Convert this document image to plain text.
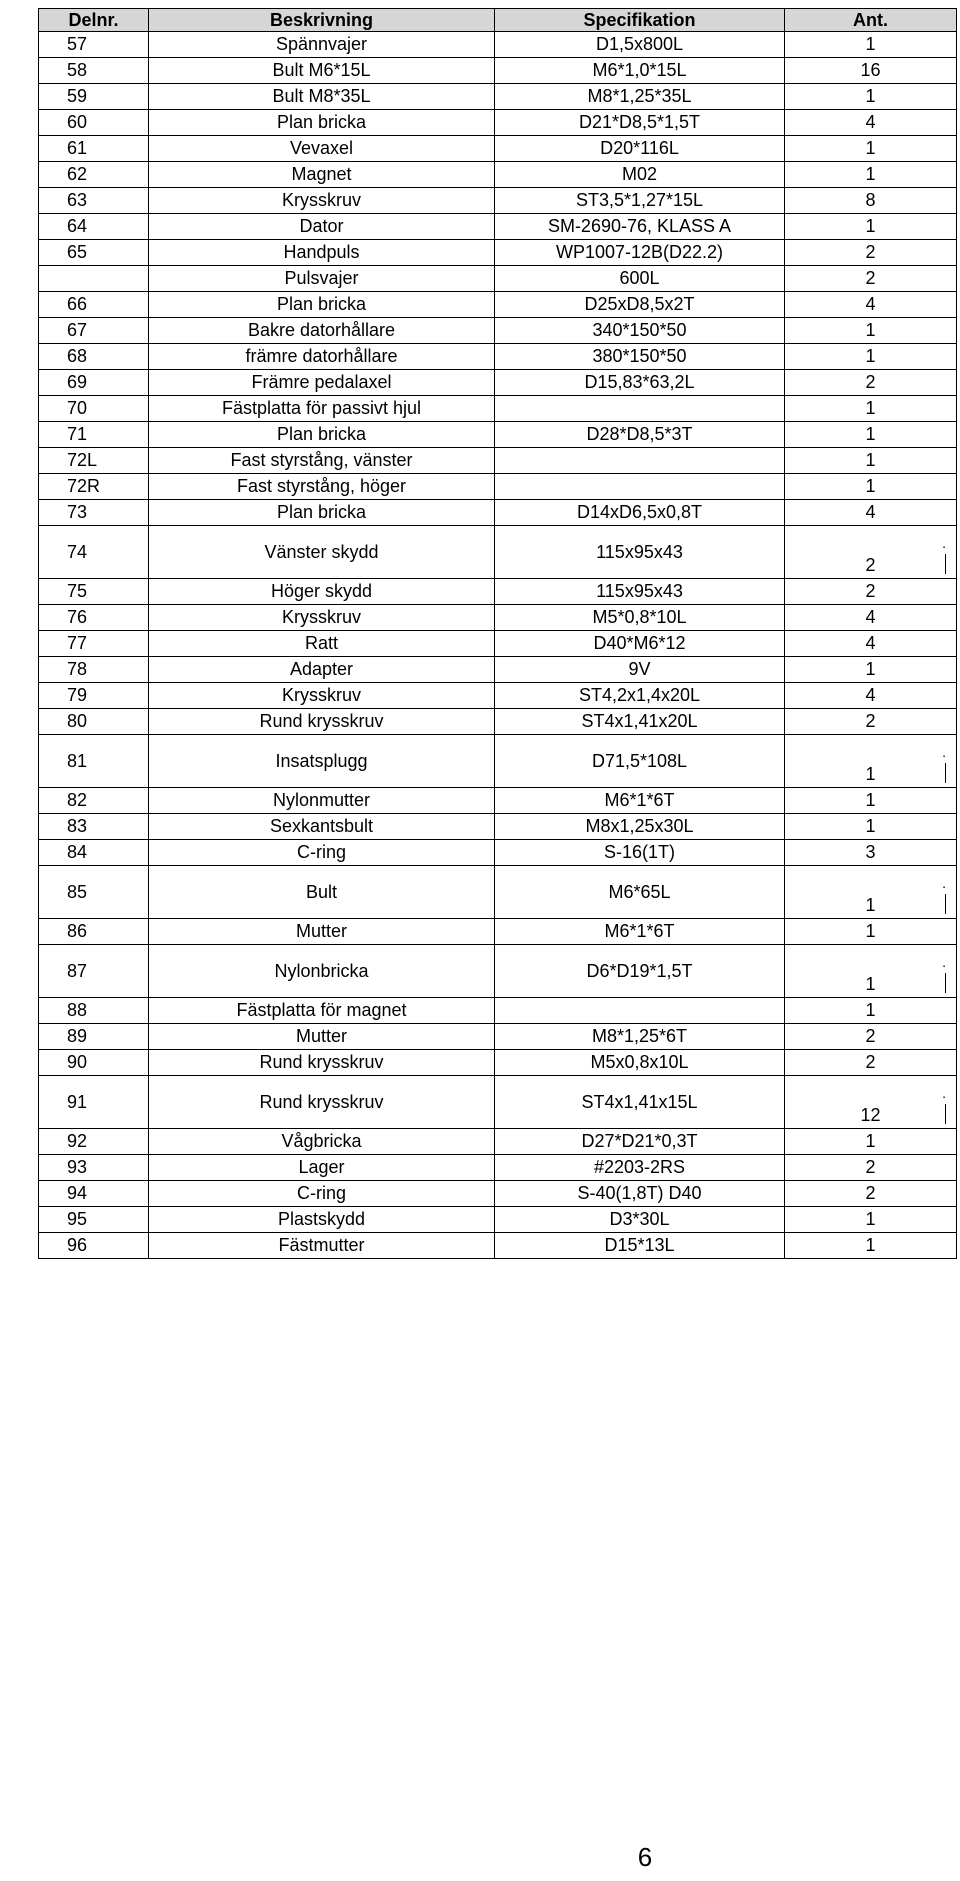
Delnr.	Beskrivning	Specifikation	Ant.
57	Spännvajer	D1,5x800L	1
58	Bult M6*15L	M6*1,0*15L	16
59	Bult M8*35L	M8*1,25*35L	1
60	Plan bricka	D21*D8,5*1,5T	4
61	Vevaxel	D20*116L	1
62	Magnet	M02	1
63	Krysskruv	ST3,5*1,27*15L	8
64	Dator	SM-2690-76, KLASS A	1
65	Handpuls	WP1007-12B(D22.2)	2
	Pulsvajer	600L	2
66	Plan bricka	D25xD8,5x2T	4
67	Bakre datorhållare	340*150*50	1
68	främre datorhållare	380*150*50	1
69	Främre pedalaxel	D15,83*63,2L	2
70	Fästplatta för passivt hjul		1
71	Plan bricka	D28*D8,5*3T	1
72L	Fast styrstång, vänster		1
72R	Fast styrstång, höger		1
73	Plan bricka	D14xD6,5x0,8T	4
74	Vänster skydd	115x95x43	2
.

75	Höger skydd	115x95x43	2
76	Krysskruv	M5*0,8*10L	4
77	Ratt	D40*M6*12	4
78	Adapter	9V	1
79	Krysskruv	ST4,2x1,4x20L	4
80	Rund krysskruv	ST4x1,41x20L	2
81	Insatsplugg	D71,5*108L	1
.

82	Nylonmutter	M6*1*6T	1
83	Sexkantsbult	M8x1,25x30L	1
84	C-ring	S-16(1T)	3
85	Bult	M6*65L	1
.

86	Mutter	M6*1*6T	1
87	Nylonbricka	D6*D19*1,5T	1
.

88	Fästplatta för magnet		1
89	Mutter	M8*1,25*6T	2
90	Rund krysskruv	M5x0,8x10L	2
91	Rund krysskruv	ST4x1,41x15L	12
.

92	Vågbricka	D27*D21*0,3T	1
93	Lager	#2203-2RS	2
94	C-ring	S-40(1,8T) D40	2
95	Plastskydd	D3*30L	1
96	Fästmutter	D15*13L	1
6
